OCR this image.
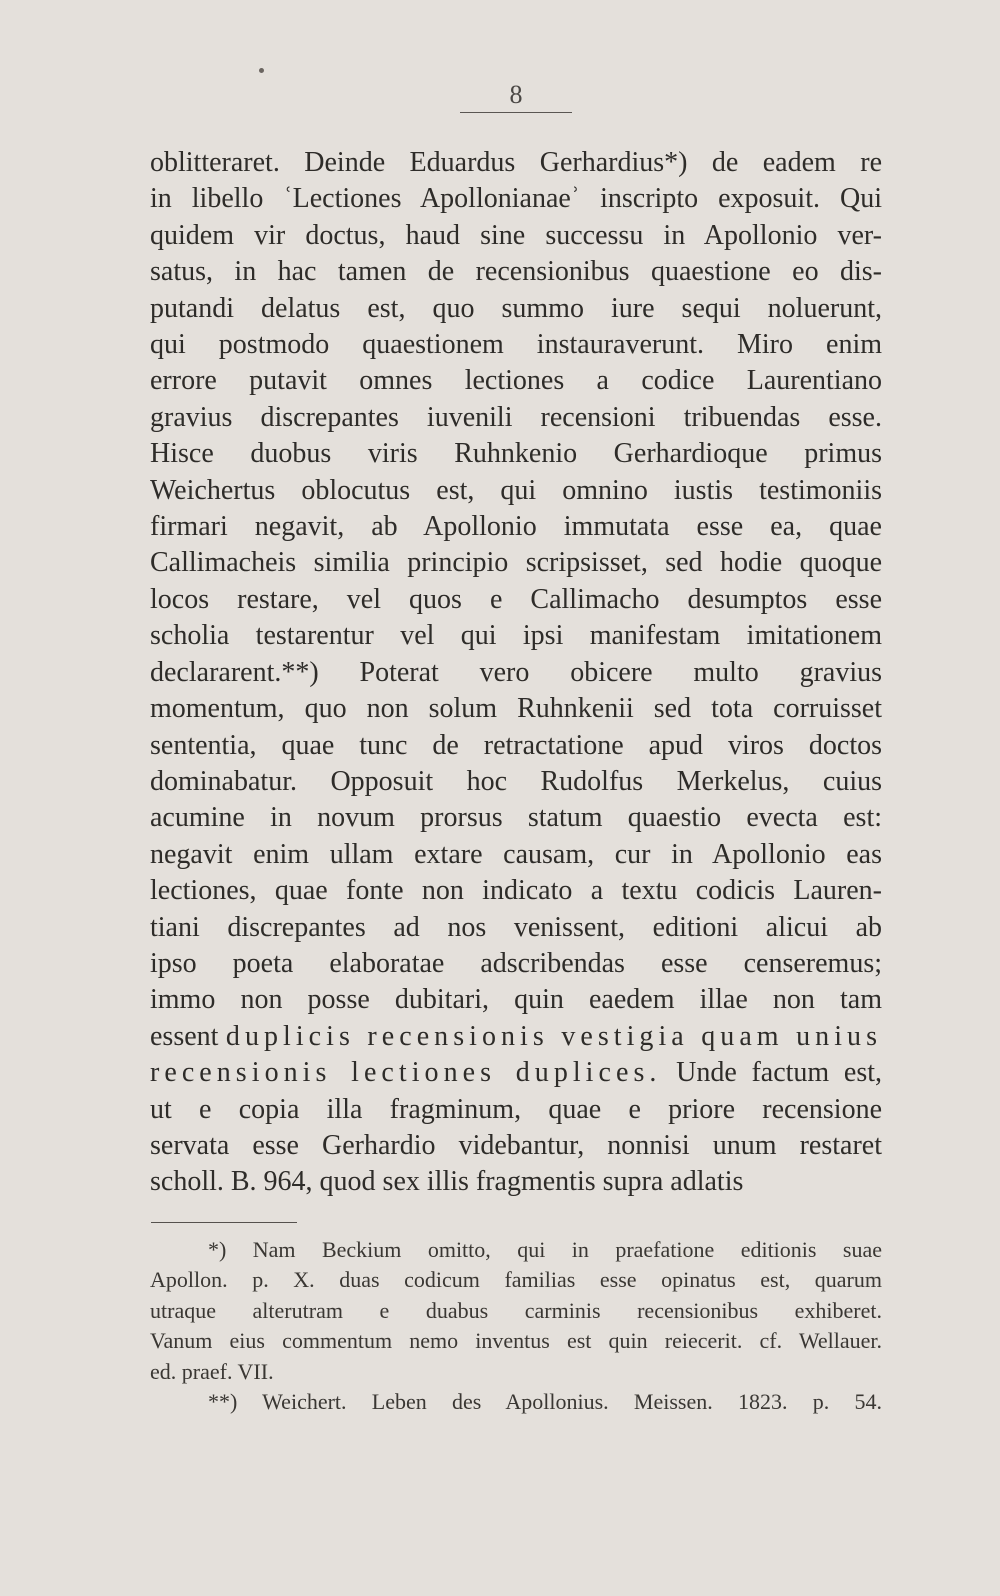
8
oblitteraret. Deinde Eduardus Gerhardius*) de eadem re
in libello ʿLectiones Apollonianaeʾ inscripto exposuit. Qui
quidem vir doctus, haud sine successu in Apollonio ver-
satus, in hac tamen de recensionibus quaestione eo dis-
putandi delatus est, quo summo iure sequi noluerunt,
qui postmodo quaestionem instauraverunt. Miro enim
errore putavit omnes lectiones a codice Laurentiano
gravius discrepantes iuvenili recensioni tribuendas esse.
Hisce duobus viris Ruhnkenio Gerhardioque primus
Weichertus oblocutus est, qui omnino iustis testimoniis
firmari negavit, ab Apollonio immutata esse ea, quae
Callimacheis similia principio scripsisset, sed hodie quoque
locos restare, vel quos e Callimacho desumptos esse
scholia testarentur vel qui ipsi manifestam imitationem
declararent.**) Poterat vero obicere multo gravius
momentum, quo non solum Ruhnkenii sed tota corruisset
sententia, quae tunc de retractatione apud viros doctos
dominabatur. Opposuit hoc Rudolfus Merkelus, cuius
acumine in novum prorsus statum quaestio evecta est:
negavit enim ullam extare causam, cur in Apollonio eas
lectiones, quae fonte non indicato a textu codicis Lauren-
tiani discrepantes ad nos venissent, editioni alicui ab
ipso poeta elaboratae adscribendas esse censeremus;
immo non posse dubitari, quin eaedem illae non tam
essent duplicis recensionis vestigia quam unius
recensionis lectiones duplices. Unde factum est,
ut e copia illa fragminum, quae e priore recensione
servata esse Gerhardio videbantur, nonnisi unum restaret
scholl. B. 964, quod sex illis fragmentis supra adlatis
*) Nam Beckium omitto, qui in praefatione editionis suae
Apollon. p. X. duas codicum familias esse opinatus est, quarum
utraque alterutram e duabus carminis recensionibus exhiberet.
Vanum eius commentum nemo inventus est quin reiecerit. cf. Wellauer.
ed. praef. VII.
**) Weichert. Leben des Apollonius. Meissen. 1823. p. 54.
